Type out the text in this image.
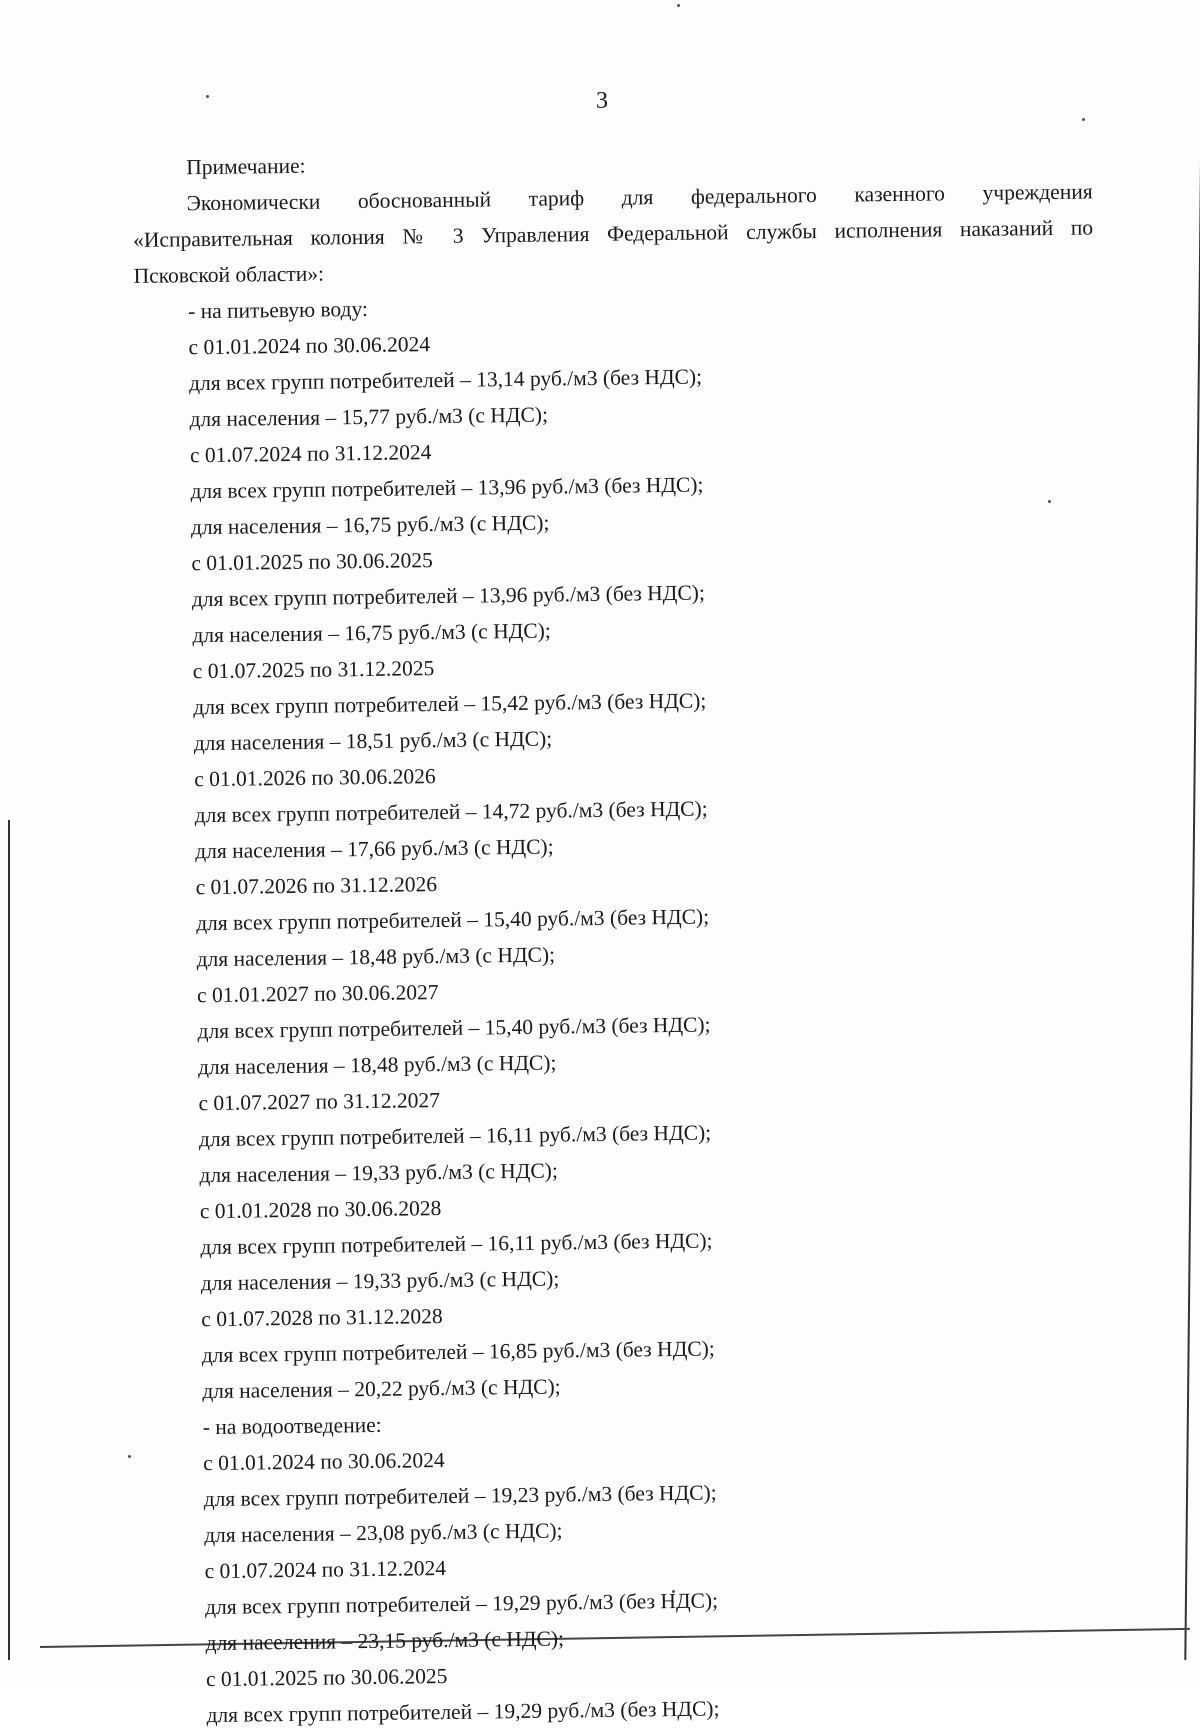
3
Примечание:
Экономически обоснованный тариф для федерального казенного учреждения
«Исправительная колония № 3 Управления Федеральной службы исполнения наказаний по
Псковской области»:
- на питьевую воду:
с 01.01.2024 по 30.06.2024
для всех групп потребителей – 13,14 руб./м3 (без НДС);
для населения – 15,77 руб./м3 (с НДС);
с 01.07.2024 по 31.12.2024
для всех групп потребителей – 13,96 руб./м3 (без НДС);
для населения – 16,75 руб./м3 (с НДС);
с 01.01.2025 по 30.06.2025
для всех групп потребителей – 13,96 руб./м3 (без НДС);
для населения – 16,75 руб./м3 (с НДС);
с 01.07.2025 по 31.12.2025
для всех групп потребителей – 15,42 руб./м3 (без НДС);
для населения – 18,51 руб./м3 (с НДС);
с 01.01.2026 по 30.06.2026
для всех групп потребителей – 14,72 руб./м3 (без НДС);
для населения – 17,66 руб./м3 (с НДС);
с 01.07.2026 по 31.12.2026
для всех групп потребителей – 15,40 руб./м3 (без НДС);
для населения – 18,48 руб./м3 (с НДС);
с 01.01.2027 по 30.06.2027
для всех групп потребителей – 15,40 руб./м3 (без НДС);
для населения – 18,48 руб./м3 (с НДС);
с 01.07.2027 по 31.12.2027
для всех групп потребителей – 16,11 руб./м3 (без НДС);
для населения – 19,33 руб./м3 (с НДС);
с 01.01.2028 по 30.06.2028
для всех групп потребителей – 16,11 руб./м3 (без НДС);
для населения – 19,33 руб./м3 (с НДС);
с 01.07.2028 по 31.12.2028
для всех групп потребителей – 16,85 руб./м3 (без НДС);
для населения – 20,22 руб./м3 (с НДС);
- на водоотведение:
с 01.01.2024 по 30.06.2024
для всех групп потребителей – 19,23 руб./м3 (без НДС);
для населения – 23,08 руб./м3 (с НДС);
с 01.07.2024 по 31.12.2024
для всех групп потребителей – 19,29 руб./м3 (без НДС);
для населения – 23,15 руб./м3 (с НДС);
с 01.01.2025 по 30.06.2025
для всех групп потребителей – 19,29 руб./м3 (без НДС);
